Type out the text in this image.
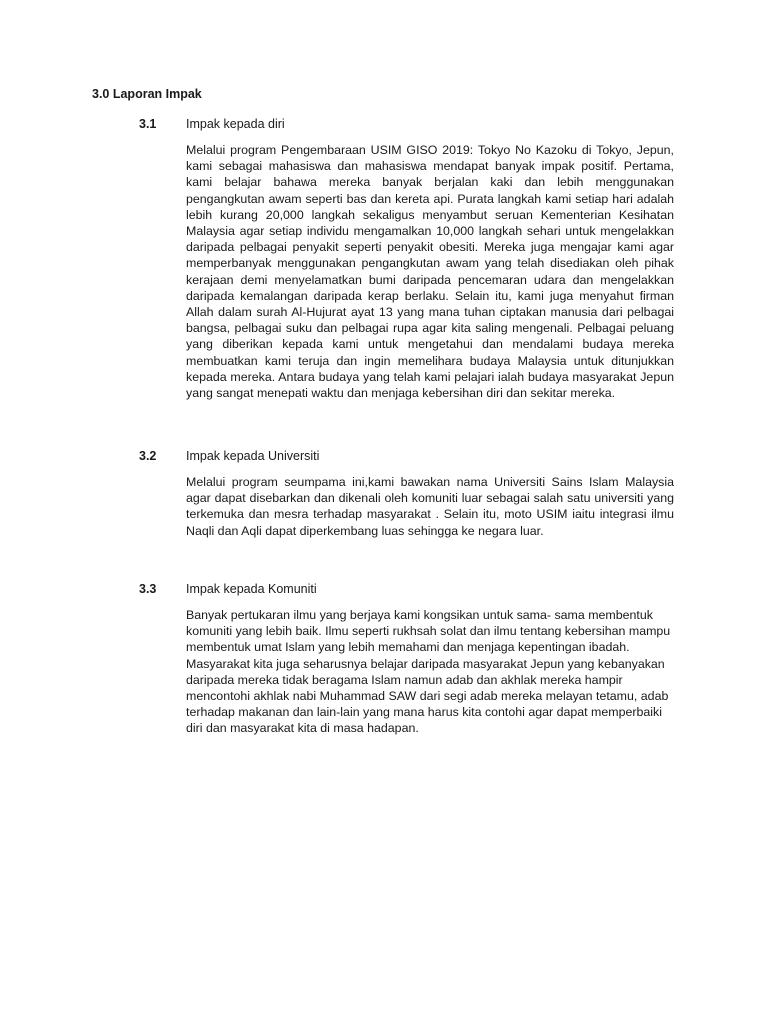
3.0 Laporan Impak
3.1 Impak kepada diri

Melalui program Pengembaraan USIM GISO 2019: Tokyo No Kazoku di Tokyo, Jepun, kami sebagai mahasiswa dan mahasiswa mendapat banyak impak positif. Pertama, kami belajar bahawa mereka banyak berjalan kaki dan lebih menggunakan pengangkutan awam seperti bas dan kereta api. Purata langkah kami setiap hari adalah lebih kurang 20,000 langkah sekaligus menyambut seruan Kementerian Kesihatan Malaysia agar setiap individu mengamalkan 10,000 langkah sehari untuk mengelakkan daripada pelbagai penyakit seperti penyakit obesiti. Mereka juga mengajar kami agar memperbanyak menggunakan pengangkutan awam yang telah disediakan oleh pihak kerajaan demi menyelamatkan bumi daripada pencemaran udara dan mengelakkan daripada kemalangan daripada kerap berlaku. Selain itu, kami juga menyahut firman Allah dalam surah Al-Hujurat ayat 13 yang mana tuhan ciptakan manusia dari pelbagai bangsa, pelbagai suku dan pelbagai rupa agar kita saling mengenali. Pelbagai peluang yang diberikan kepada kami untuk mengetahui dan mendalami budaya mereka membuatkan kami teruja dan ingin memelihara budaya Malaysia untuk ditunjukkan kepada mereka. Antara budaya yang telah kami pelajari ialah budaya masyarakat Jepun yang sangat menepati waktu dan menjaga kebersihan diri dan sekitar mereka.

3.2 Impak kepada Universiti

Melalui program seumpama ini,kami bawakan nama Universiti Sains Islam Malaysia agar dapat disebarkan dan dikenali oleh komuniti luar sebagai salah satu universiti yang terkemuka dan mesra terhadap masyarakat . Selain itu, moto USIM iaitu integrasi ilmu Naqli dan Aqli dapat diperkembang luas sehingga ke negara luar.

3.3 Impak kepada Komuniti

Banyak pertukaran ilmu yang berjaya kami kongsikan untuk sama- sama membentuk komuniti yang lebih baik. Ilmu seperti rukhsah solat dan ilmu tentang kebersihan mampu membentuk umat Islam yang lebih memahami dan menjaga kepentingan ibadah. Masyarakat kita juga seharusnya belajar daripada masyarakat Jepun yang kebanyakan daripada mereka tidak beragama Islam namun adab dan akhlak mereka hampir mencontohi akhlak nabi Muhammad SAW dari segi adab mereka melayan tetamu, adab terhadap makanan dan lain-lain yang mana harus kita contohi agar dapat memperbaiki diri dan masyarakat kita di masa hadapan.
